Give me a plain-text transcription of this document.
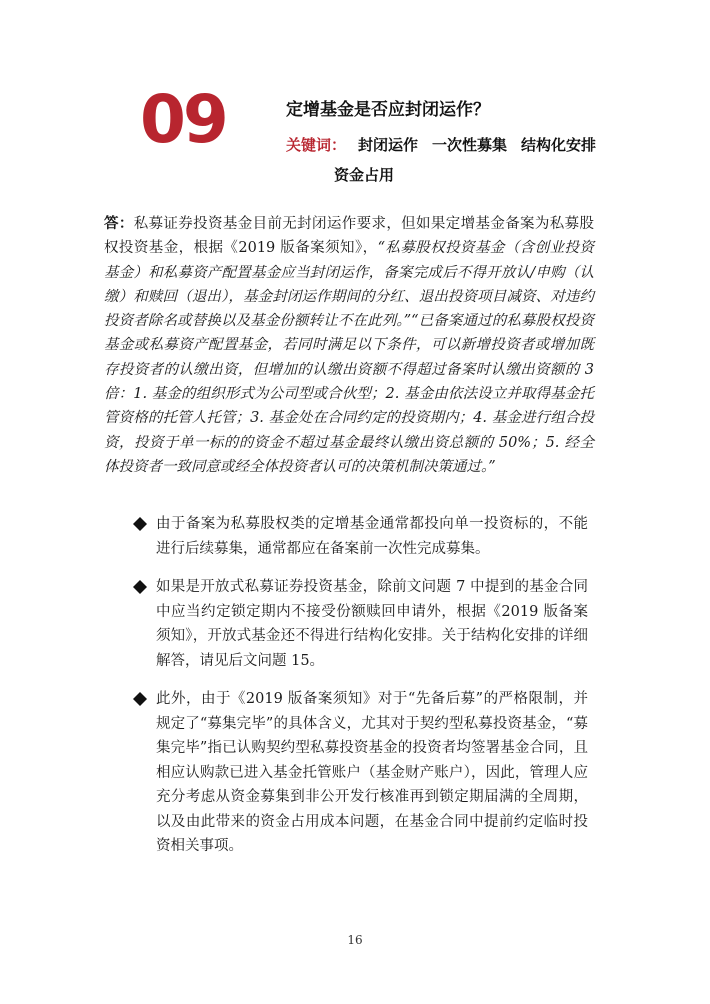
09	定增基金是否应封闭运作？
关键词： 封闭运作 一次性募集 结构化安排
资金占用
答：私募证券投资基金目前无封闭运作要求，但如果定增基金备案为私募股权投资基金，根据《2019 版备案须知》，“私募股权投资基金（含创业投资基金）和私募资产配置基金应当封闭运作，备案完成后不得开放认/申购（认缴）和赎回（退出），基金封闭运作期间的分红、退出投资项目减资、对违约投资者除名或替换以及基金份额转让不在此列。”“已备案通过的私募股权投资基金或私募资产配置基金，若同时满足以下条件，可以新增投资者或增加既存投资者的认缴出资，但增加的认缴出资额不得超过备案时认缴出资额的 3 倍：1. 基金的组织形式为公司型或合伙型；2. 基金由依法设立并取得基金托管资格的托管人托管；3. 基金处在合同约定的投资期内；4. 基金进行组合投资，投资于单一标的的资金不超过基金最终认缴出资总额的 50%；5. 经全体投资者一致同意或经全体投资者认可的决策机制决策通过。”
由于备案为私募股权类的定增基金通常都投向单一投资标的，不能进行后续募集，通常都应在备案前一次性完成募集。
如果是开放式私募证券投资基金，除前文问题 7 中提到的基金合同中应当约定锁定期内不接受份额赎回申请外，根据《2019 版备案须知》，开放式基金还不得进行结构化安排。关于结构化安排的详细解答，请见后文问题 15。
此外，由于《2019 版备案须知》对于“先备后募”的严格限制，并规定了“募集完毕”的具体含义，尤其对于契约型私募投资基金，“募集完毕”指已认购契约型私募投资基金的投资者均签署基金合同，且相应认购款已进入基金托管账户（基金财产账户），因此，管理人应充分考虑从资金募集到非公开发行核准再到锁定期届满的全周期，以及由此带来的资金占用成本问题，在基金合同中提前约定临时投资相关事项。
16
